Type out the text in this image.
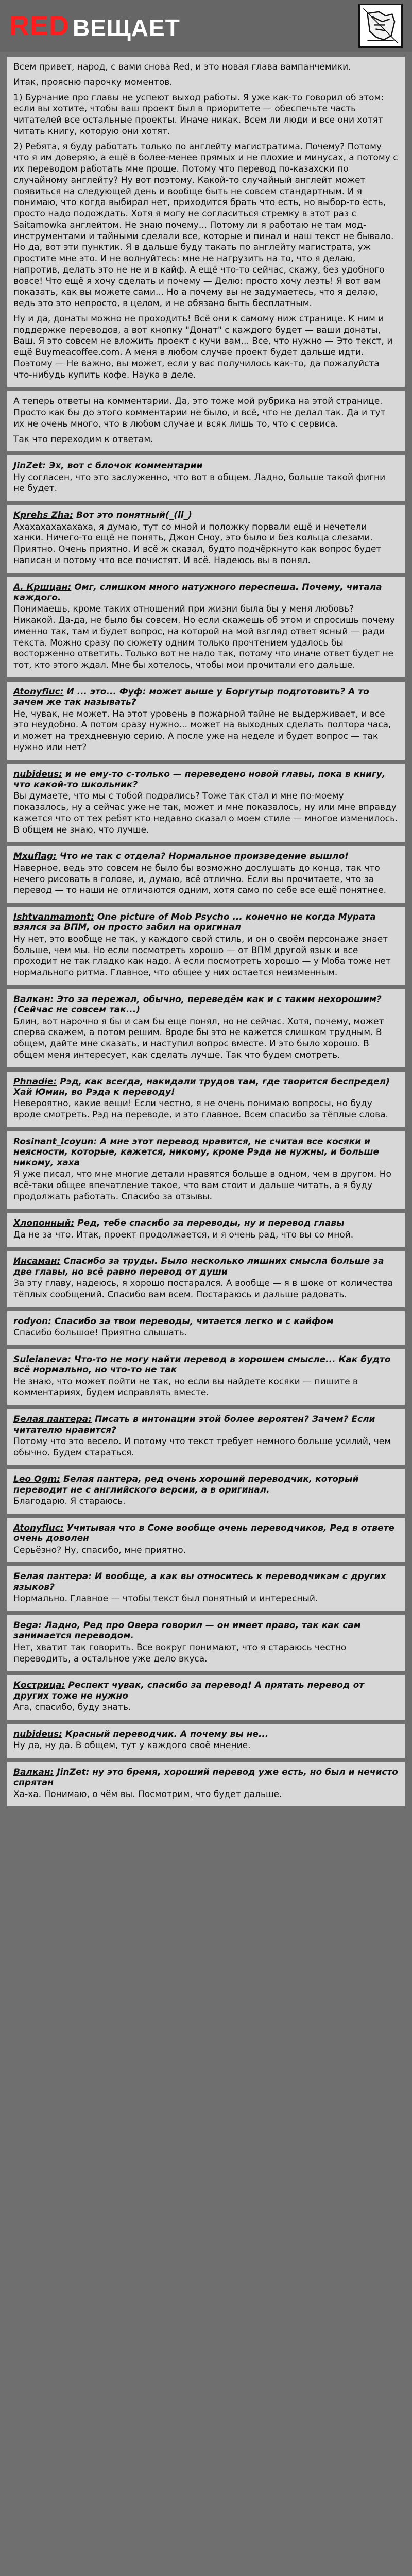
RED ВЕЩАЕТ

Всем привет, народ, с вами снова Red, и это новая глава вампанчемики.

Итак, проясню парочку моментов.

1) Бурчание про главы не успеют выход работы. Я уже как-то говорил об этом: если вы хотите, чтобы ваш проект был в приоритете — обеспечьте часть читателей все остальные проекты. Иначе никак. Всем ли люди и все они хотят читать книгу, которую они хотят.

2) Ребята, я буду работать только по англейту магистратима. Почему? Потому что я им доверяю, а ещё в более-менее прямых и не плохие и минусах, а потому с их переводом работать мне проще. Потому что перевод по-казахски по случайному англейту? Ну вот поэтому. Какой-то случайный англейт может появиться на следующей день и вообще быть не совсем стандартным. И я понимаю, что когда выбирал нет, приходится брать что есть, но выбор-то есть, просто надо подождать. Хотя я могу не согласиться стремку в этот раз с Saitamowka англейтом. Не знаю почему... Потому ли я работаю не там мод-инструментами и тайными сделали все, которые и пинал и наш текст не бывало. Но да, вот эти пунктик. Я в дальше буду такать по англейту магистрата, уж простите мне это. И не волнуйтесь: мне не нагрузить на то, что я делаю, напротив, делать это не не и в кайф. А ещё что-то сейчас, скажу, без удобного вовсе! Что ещё я хочу сделать и почему — Делю: просто хочу лезть! Я вот вам показать, как вы можете сами... Но а почему вы не задумаетесь, что я делаю, ведь это это непросто, в целом, и не обязано быть бесплатным.

Ну и да, донаты можно не проходить! Всё они к самому ниж странице. К ним и поддержке переводов, а вот кнопку "Донат" с каждого будет — ваши донаты, Ваш. Я это совсем не вложить проект с кучи вам... Все, что нужно — Это текст, и ещё Buymeacoffee.com. А меня в любом случае проект будет дальше идти. Поэтому — Не важно, вы может, если у вас получилось как-то, да пожалуйста что-нибудь купить кофе. Наука в деле.

А теперь ответы на комментарии. Да, это тоже мой рубрика на этой странице. Просто как бы до этого комментарии не было, и всё, что не делал так. Да и тут их не очень много, что в любом случае и всяк лишь то, что с сервиса.

Так что переходим к ответам.

JinZet: Эх, вот с блочок комментарии

Ну согласен, что это заслуженно, что вот в общем. Ладно, больше такой фигни не будет.

Kprehs Zha: Вот это понятный(_(ll_)

Ахахахахахахаха, я думаю, тут со мной и положку порвали ещё и нечетели ханки. Ничего-то ещё не понять, Джон Сноу, это было и без кольца слезами. Приятно. Очень приятно. И всё ж сказал, будто подчёркнуто как вопрос будет написан и потому что все почистят. И всё. Надеюсь вы в понял.

А. Кршцан: Омг, слишком много натужного переспеша. Почему, читала каждого.

Понимаешь, кроме таких отношений при жизни была бы у меня любовь? Никакой. Да-да, не было бы совсем. Но если скажешь об этом и спросишь почему именно так, там и будет вопрос, на которой на мой взгляд ответ ясный — ради текста. Можно сразу по сюжету одним только прочтением удалось бы восторженно ответить. Только вот не надо так, потому что иначе ответ будет не тот, кто этого ждал. Мне бы хотелось, чтобы мои прочитали его дальше.

Atonyfluc: И ... это... Фуф: может выше у Боргутыр подготовить? А то зачем же так называть?

Не, чувак, не может. На этот уровень в пожарной тайне не выдерживает, и все это неудобно. А потом сразу нужно... может на выходных сделать полтора часа, и может на трехдневную серию. А после уже на неделе и будет вопрос — так нужно или нет?

nubideus: и не ему-то с-только — переведено новой главы, пока в книгу, что какой-то школьник?

Вы думаете, что мы с тобой подрались? Тоже так стал и мне по-моему показалось, ну а сейчас уже не так, может и мне показалось, ну или мне вправду кажется что от тех ребят кто недавно сказал о моем стиле — многое изменилось. В общем не знаю, что лучше.

Мxuflag: Что не так с отдела? Нормальное произведение вышло!

Наверное, ведь это совсем не было бы возможно дослушать до конца, так что нечего рисовать в голове, и, думаю, всё отлично. Если вы прочитаете, что за перевод — то наши не отличаются одним, хотя само по себе все ещё понятнее.

Ishtvanmamont: One picture of Mob Psycho ... конечно не когда Мурата взялся за ВПМ, он просто забил на оригинал

Ну нет, это вообще не так, у каждого свой стиль, и он о своём персонаже знает больше, чем мы. Но если посмотреть хорошо — от ВПМ другой язык и все проходит не так гладко как надо. А если посмотреть хорошо — у Моба тоже нет нормального ритма. Главное, что общее у них остается неизменным.

Валкан: Это за пережал, обычно, переведём как и с таким нехорошим? (Сейчас не совсем так...)

Блин, вот нарочно я бы и сам бы еще понял, но не сейчас. Хотя, почему, может сперва скажем, а потом решим. Вроде бы это не кажется слишком трудным. В общем, дайте мне сказать, и наступил вопрос вместе. И это было хорошо. В общем меня интересует, как сделать лучше. Так что будем смотреть.

Phnadie: Рэд, как всегда, накидали трудов там, где творится беспредел) Хай Юмин, во Рэда к переводу!

Невероятно, какие вещи! Если честно, я не очень понимаю вопросы, но буду вроде смотреть. Рэд на переводе, и это главное. Всем спасибо за тёплые слова.

Rosinant_Icoyun: А мне этот перевод нравится, не считая все косяки и неясности, которые, кажется, никому, кроме Рэда не нужны, и больше никому, хаха

Я уже писал, что мне многие детали нравятся больше в одном, чем в другом. Но всё-таки общее впечатление такое, что вам стоит и дальше читать, а я буду продолжать работать. Спасибо за отзывы.

Хлопонный: Ред, тебе спасибо за переводы, ну и перевод главы

Да не за что. Итак, проект продолжается, и я очень рад, что вы со мной.

Инсаман: Спасибо за труды. Было несколько лишних смысла больше за две главы, но всё равно перевод от души

За эту главу, надеюсь, я хорошо постарался. А вообще — я в шоке от количества тёплых сообщений. Спасибо вам всем. Постараюсь и дальше радовать.

rodyon: Спасибо за твои переводы, читается легко и с кайфом

Спасибо большое! Приятно слышать.

Suleianeva: Что-то не могу найти перевод в хорошем смысле... Как будто всё нормально, но что-то не так

Не знаю, что может пойти не так, но если вы найдете косяки — пишите в комментариях, будем исправлять вместе.

Белая пантера: Писать в интонации этой более вероятен? Зачем? Если читателю нравится?

Потому что это весело. И потому что текст требует немного больше усилий, чем обычно. Будем стараться.

Leo Ogm: Белая пантера, ред очень хороший переводчик, который переводит не с английского версии, а в оригинал.

Благодарю. Я стараюсь.

Atonyfluc: Учитывая что в Соме вообще очень переводчиков, Ред в ответе очень доволен

Серьёзно? Ну, спасибо, мне приятно.

Белая пантера: И вообще, а как вы относитесь к переводчикам с других языков?

Нормально. Главное — чтобы текст был понятный и интересный.

Bega: Ладно, Ред про Овера говорил — он имеет право, так как сам занимается переводом.

Нет, хватит так говорить. Все вокруг понимают, что я стараюсь честно переводить, а остальное уже дело вкуса.

Кострица: Респект чувак, спасибо за перевод! А прятать перевод от других тоже не нужно

Ага, спасибо, буду знать.

nubideus: Красный переводчик. А почему вы не...

Ну да, ну да. В общем, тут у каждого своё мнение.

Валкан: JinZet: ну это бремя, хороший перевод уже есть, но был и нечисто спрятан

Ха-ха. Понимаю, о чём вы. Посмотрим, что будет дальше.
